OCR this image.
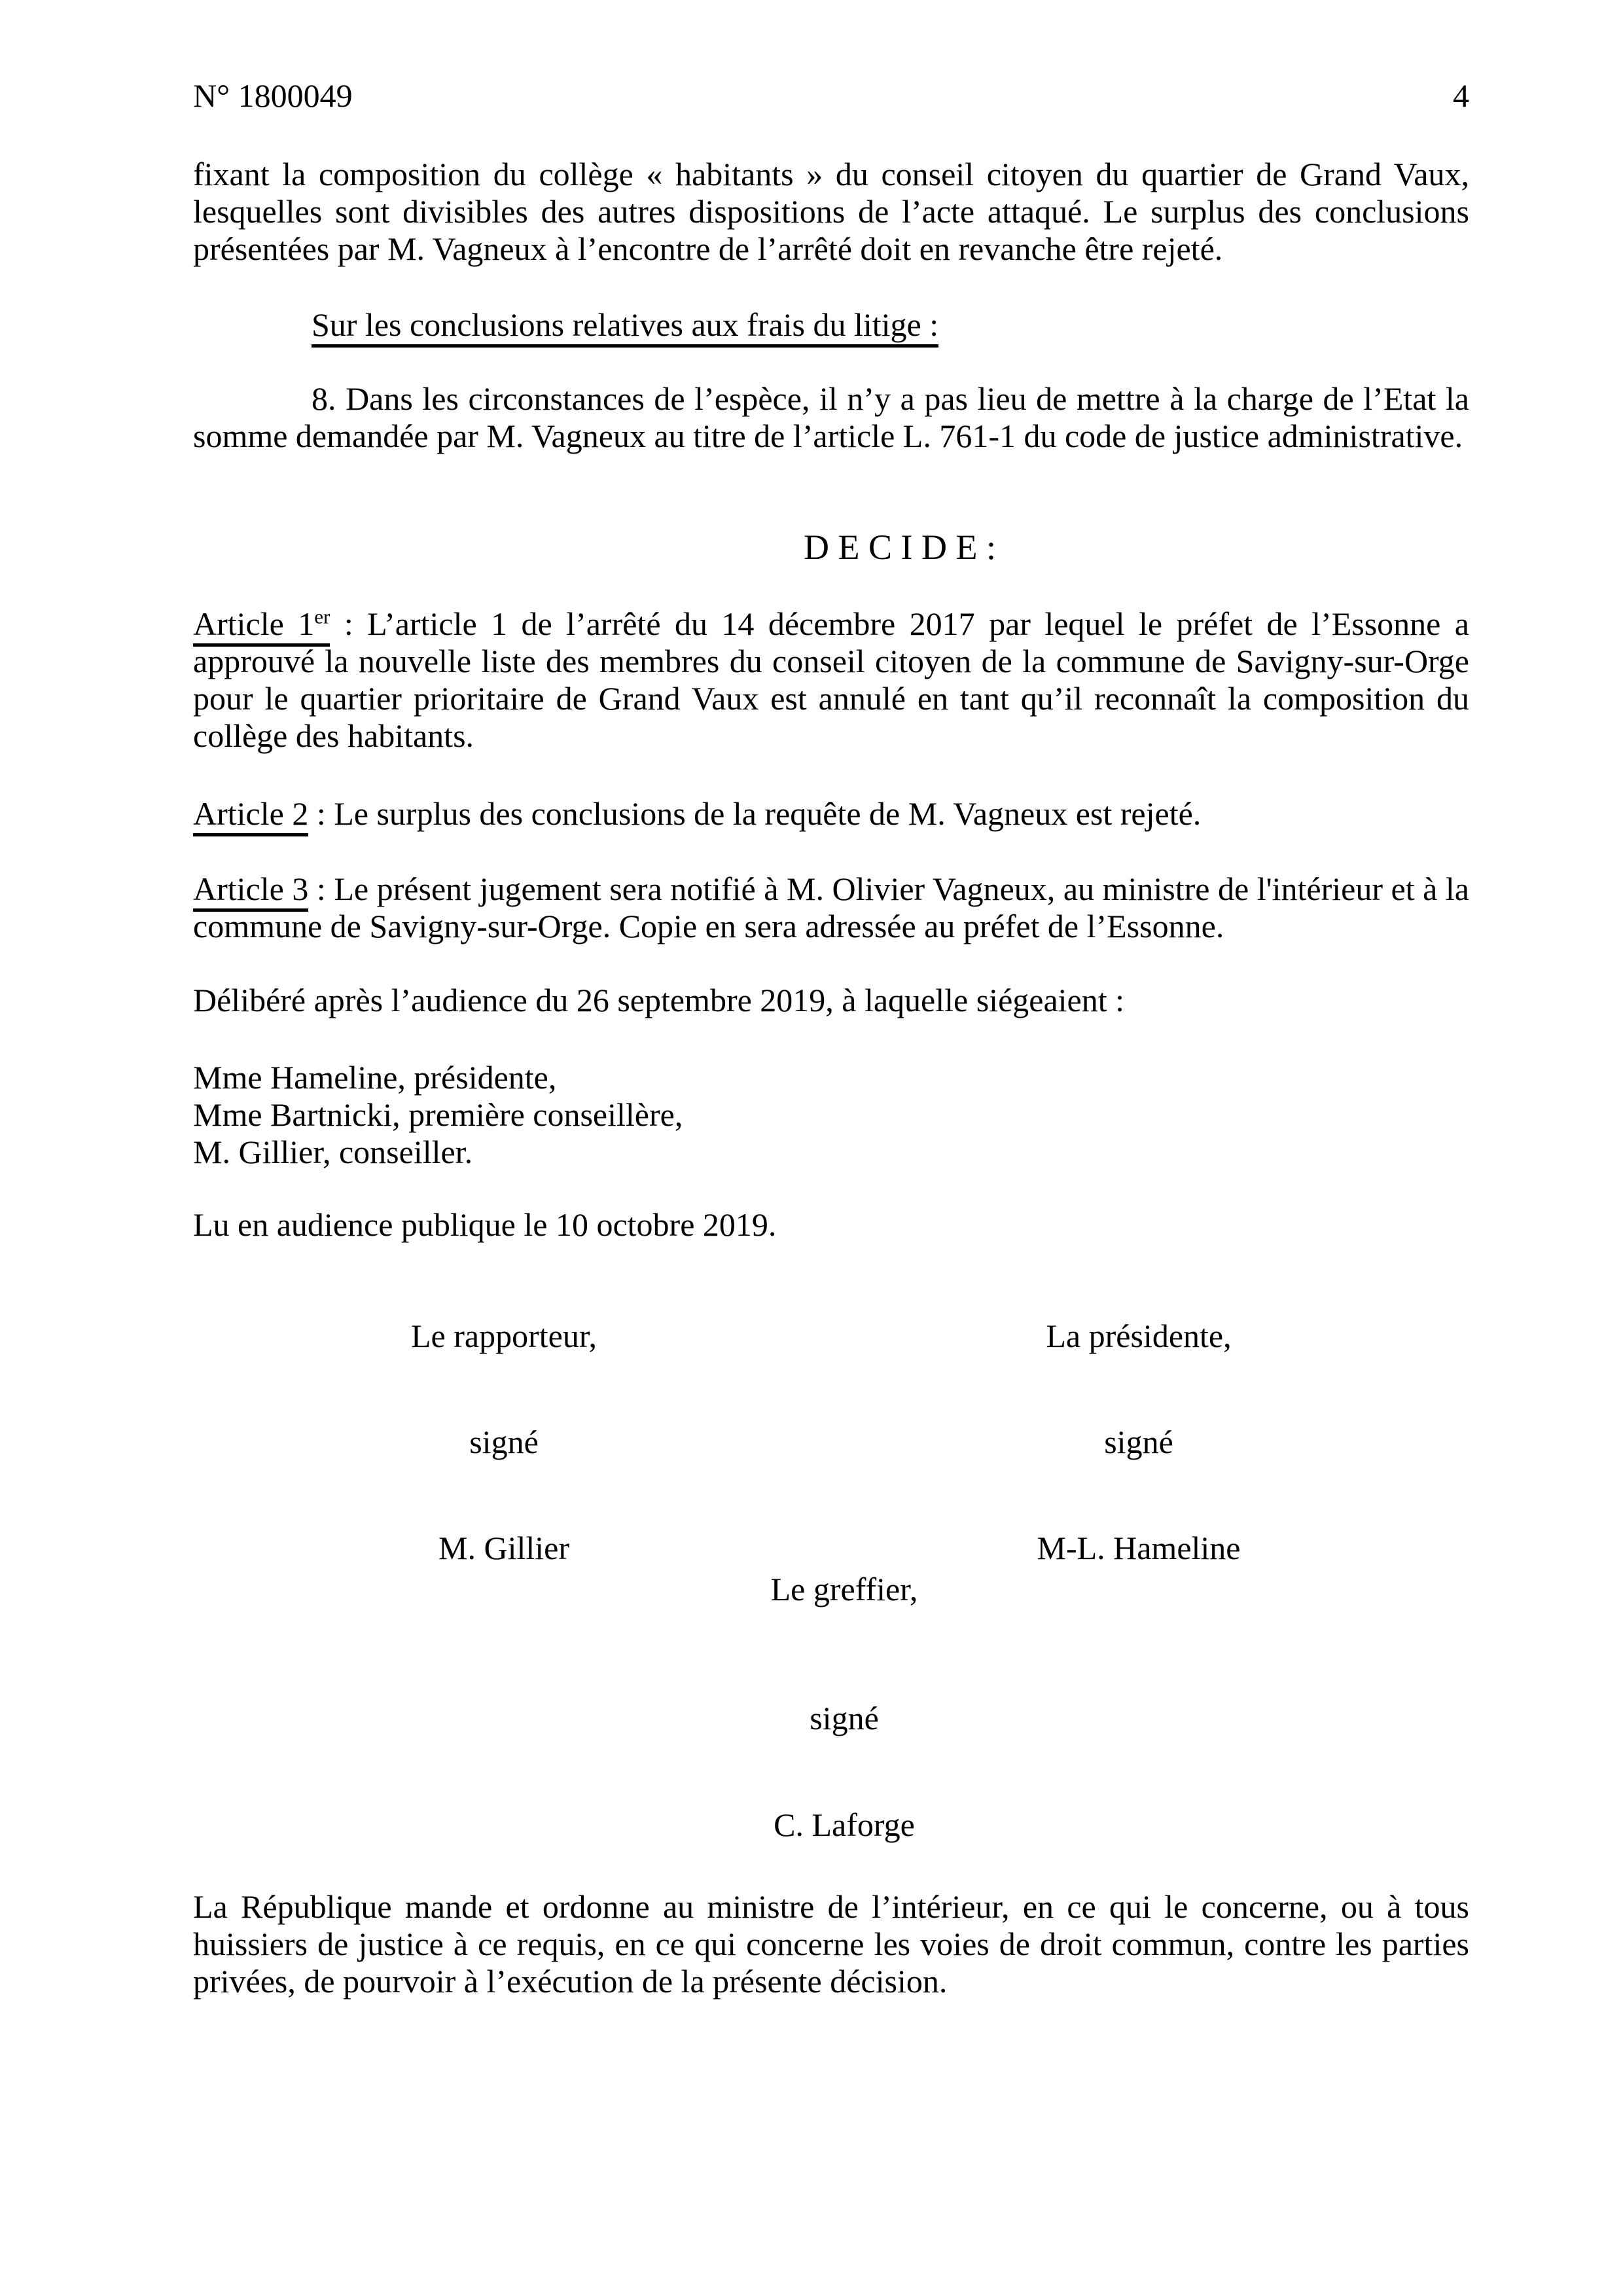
4
N° 1800049

fixant la composition du collège « habitants » du conseil citoyen du quartier de Grand Vaux, lesquelles sont divisibles des autres dispositions de l’acte attaqué. Le surplus des conclusions présentées par M. Vagneux à l’encontre de l’arrêté doit en revanche être rejeté.

Sur les conclusions relatives aux frais du litige :

8. Dans les circonstances de l’espèce, il n’y a pas lieu de mettre à la charge de l’Etat la somme demandée par M. Vagneux au titre de l’article L. 761-1 du code de justice administrative.

D E C I D E :

Article 1er : L’article 1 de l’arrêté du 14 décembre 2017 par lequel le préfet de l’Essonne a approuvé la nouvelle liste des membres du conseil citoyen de la commune de Savigny-sur-Orge pour le quartier prioritaire de Grand Vaux est annulé en tant qu’il reconnaît la composition du collège des habitants.

Article 2 : Le surplus des conclusions de la requête de M. Vagneux est rejeté.

Article 3 : Le présent jugement sera notifié à M. Olivier Vagneux, au ministre de l'intérieur et à la commune de Savigny-sur-Orge. Copie en sera adressée au préfet de l’Essonne.

Délibéré après l’audience du 26 septembre 2019, à laquelle siégeaient :

Mme Hameline, présidente,

Mme Bartnicki, première conseillère,

M. Gillier, conseiller.

Lu en audience publique le 10 octobre 2019.

Le rapporteur,	La présidente,

signé	signé

M. Gillier	M-L. Hameline

Le greffier,

signé

C. Laforge

La République mande et ordonne au ministre de l’intérieur, en ce qui le concerne, ou à tous huissiers de justice à ce requis, en ce qui concerne les voies de droit commun, contre les parties privées, de pourvoir à l’exécution de la présente décision.
